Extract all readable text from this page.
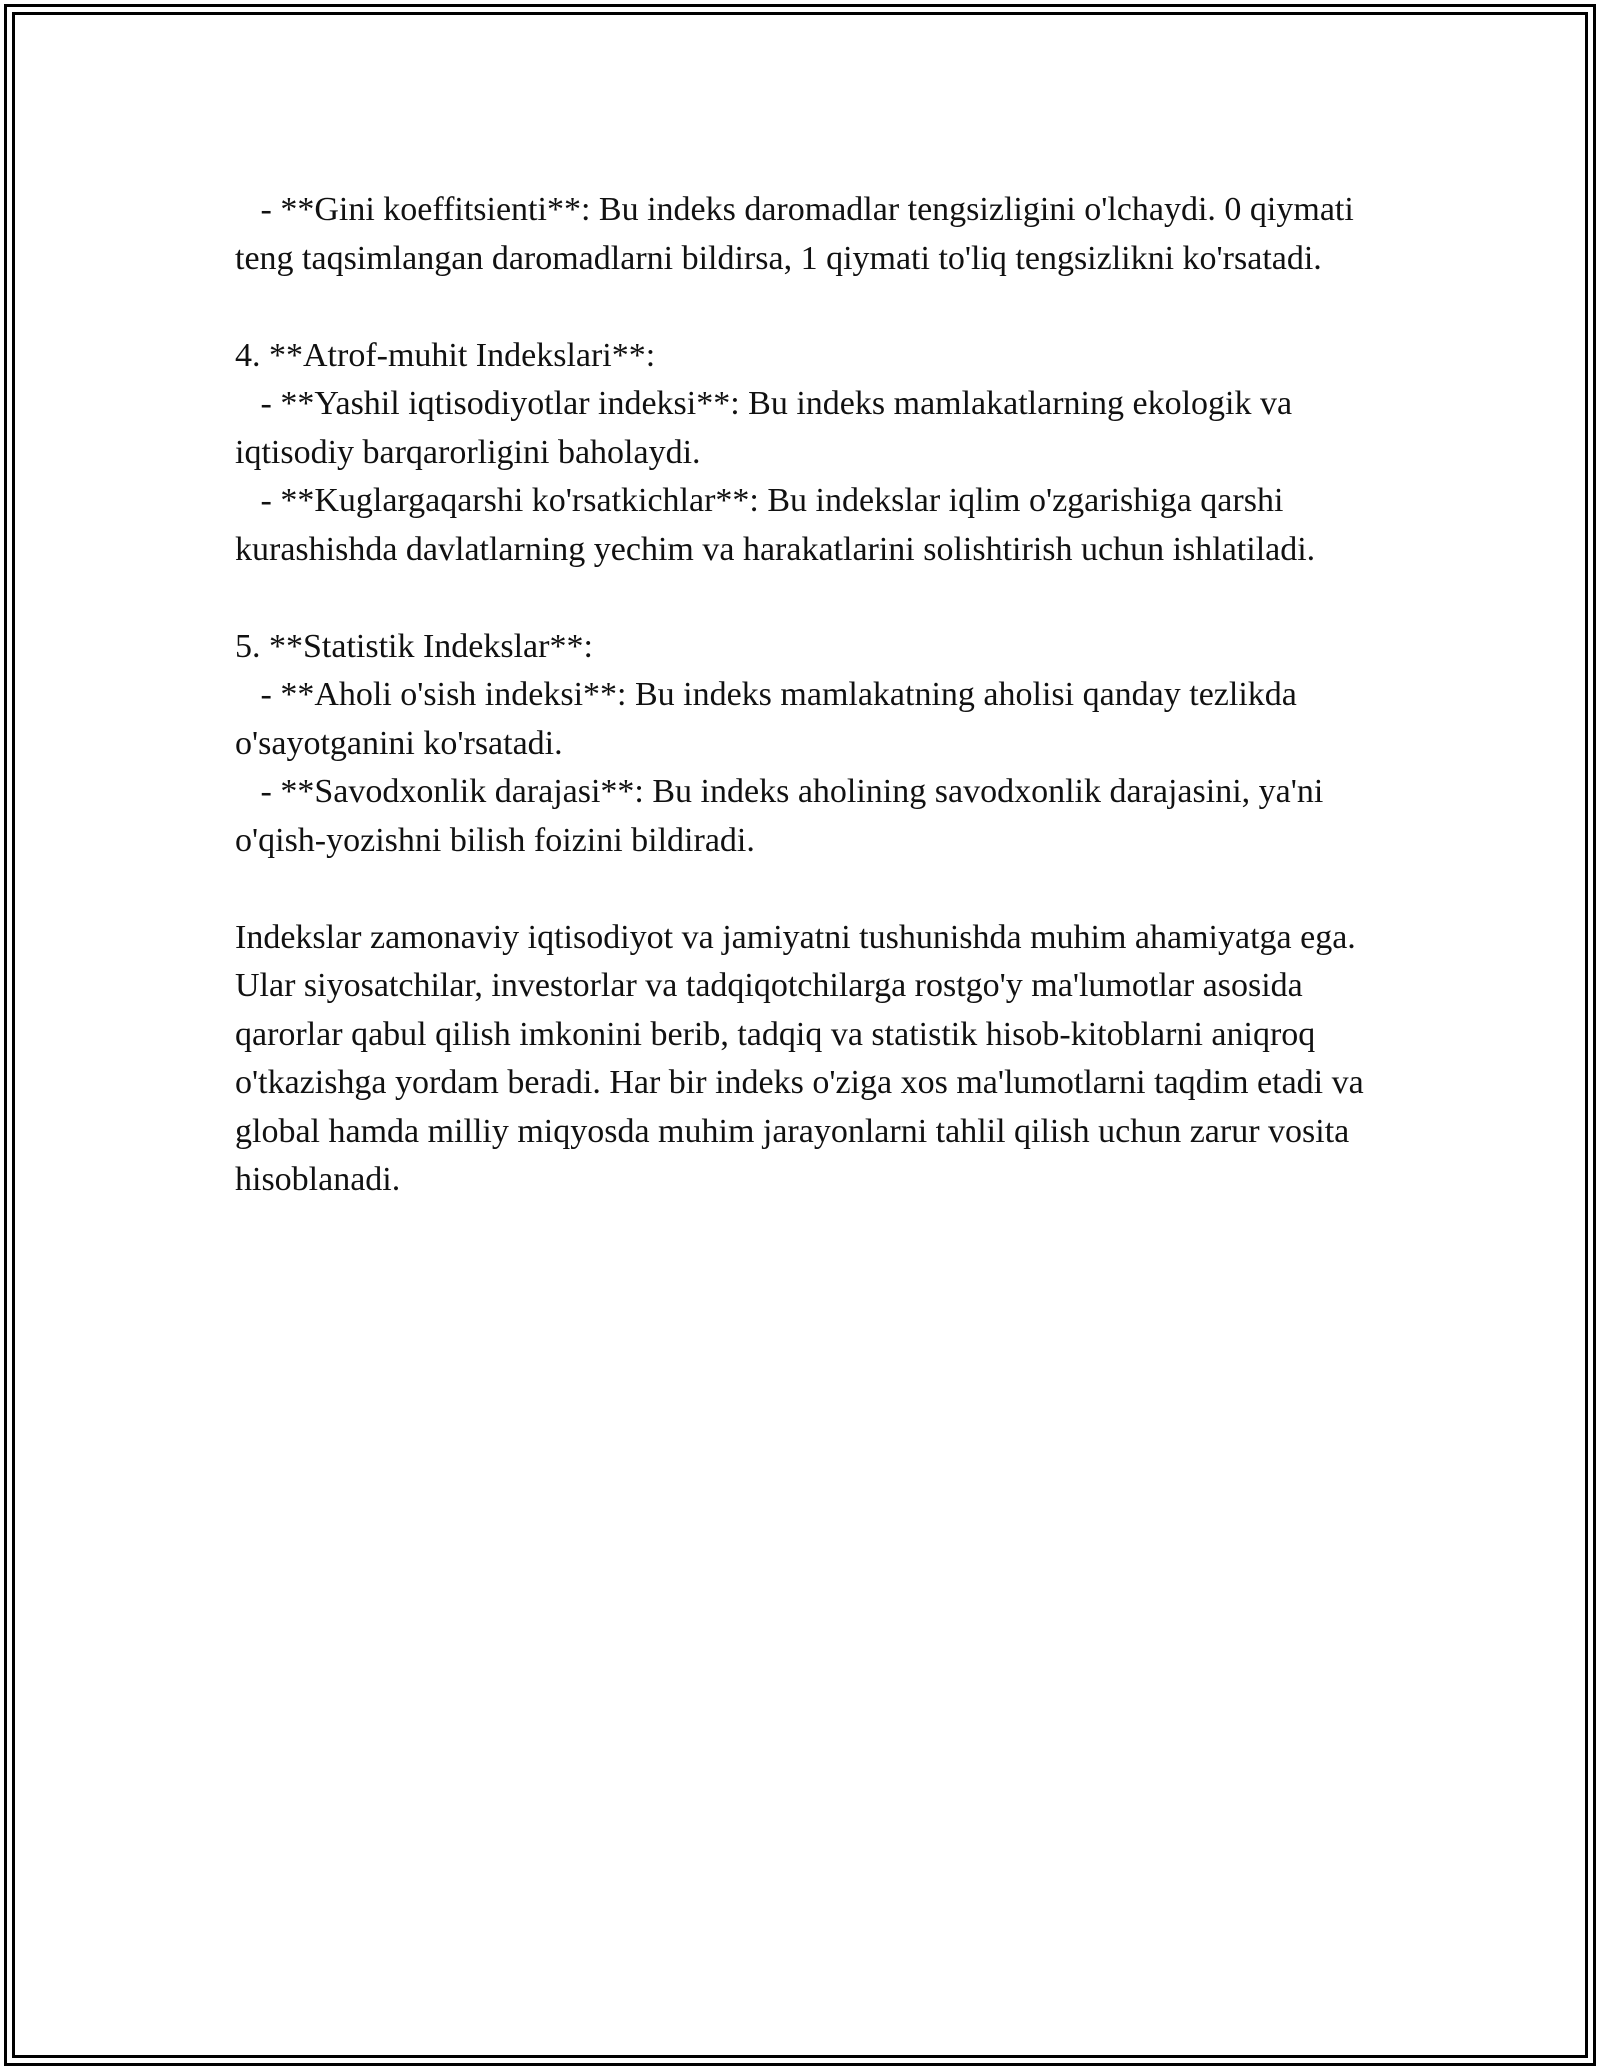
- **Gini koeffitsienti**: Bu indeks daromadlar tengsizligini o'lchaydi. 0 qiymati teng taqsimlangan daromadlarni bildirsa, 1 qiymati to'liq tengsizlikni ko'rsatadi.

4. **Atrof-muhit Indekslari**:

- **Yashil iqtisodiyotlar indeksi**: Bu indeks mamlakatlarning ekologik va iqtisodiy barqarorligini baholaydi.

- **Kuglargaqarshi ko'rsatkichlar**: Bu indekslar iqlim o'zgarishiga qarshi kurashishda davlatlarning yechim va harakatlarini solishtirish uchun ishlatiladi.

5. **Statistik Indekslar**:

- **Aholi o'sish indeksi**: Bu indeks mamlakatning aholisi qanday tezlikda o'sayotganini ko'rsatadi.

- **Savodxonlik darajasi**: Bu indeks aholining savodxonlik darajasini, ya'ni o'qish-yozishni bilish foizini bildiradi.

Indekslar zamonaviy iqtisodiyot va jamiyatni tushunishda muhim ahamiyatga ega. Ular siyosatchilar, investorlar va tadqiqotchilarga rostgo'y ma'lumotlar asosida qarorlar qabul qilish imkonini berib, tadqiq va statistik hisob-kitoblarni aniqroq o'tkazishga yordam beradi. Har bir indeks o'ziga xos ma'lumotlarni taqdim etadi va global hamda milliy miqyosda muhim jarayonlarni tahlil qilish uchun zarur vosita hisoblanadi.
